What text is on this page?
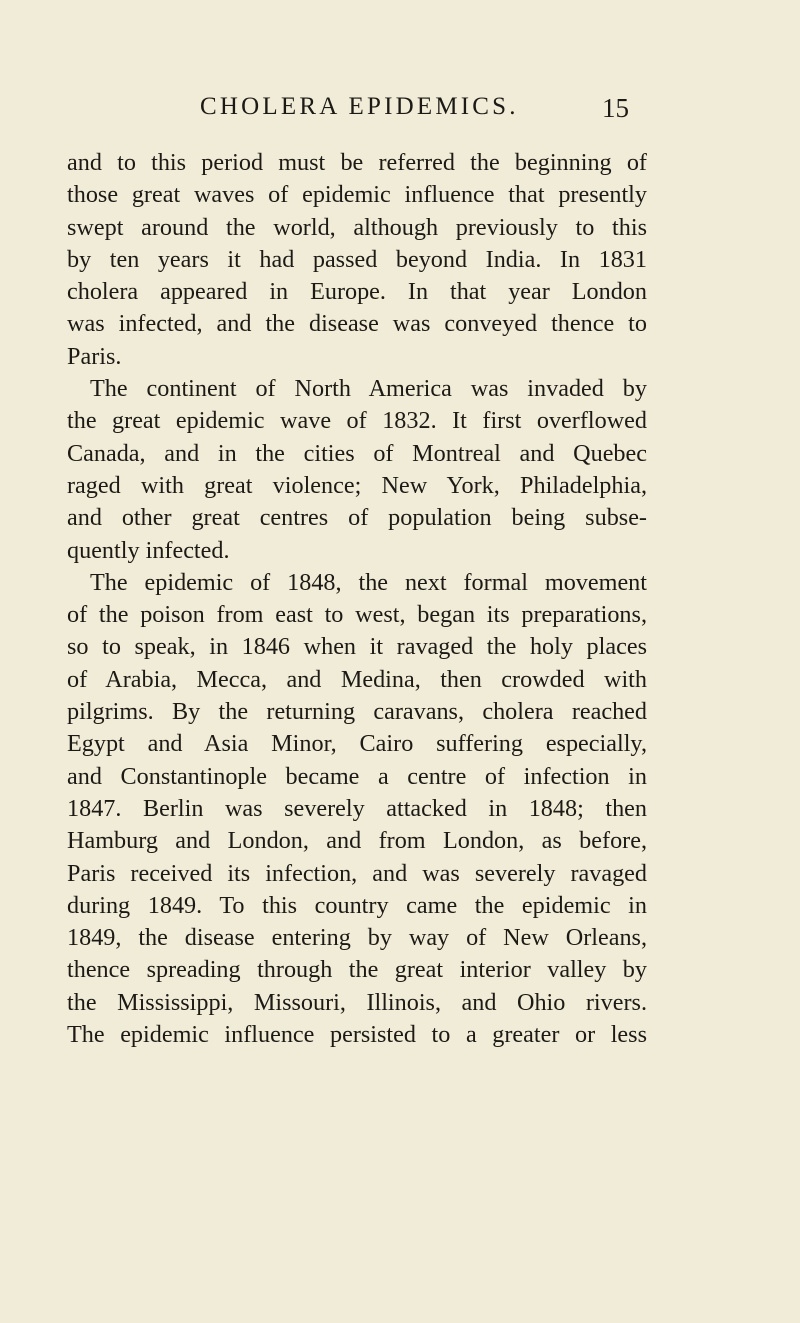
CHOLERA EPIDEMICS.	15
and to this period must be referred the beginning of
those great waves of epidemic influence that presently
swept around the world, although previously to this
by ten years it had passed beyond India. In 1831
cholera appeared in Europe. In that year London
was infected, and the disease was conveyed thence to
Paris.
The continent of North America was invaded by
the great epidemic wave of 1832. It first overflowed
Canada, and in the cities of Montreal and Quebec
raged with great violence; New York, Philadelphia,
and other great centres of population being subse-
quently infected.
The epidemic of 1848, the next formal movement
of the poison from east to west, began its preparations,
so to speak, in 1846 when it ravaged the holy places
of Arabia, Mecca, and Medina, then crowded with
pilgrims. By the returning caravans, cholera reached
Egypt and Asia Minor, Cairo suffering especially,
and Constantinople became a centre of infection in
1847. Berlin was severely attacked in 1848; then
Hamburg and London, and from London, as before,
Paris received its infection, and was severely ravaged
during 1849. To this country came the epidemic in
1849, the disease entering by way of New Orleans,
thence spreading through the great interior valley by
the Mississippi, Missouri, Illinois, and Ohio rivers.
The epidemic influence persisted to a greater or less
